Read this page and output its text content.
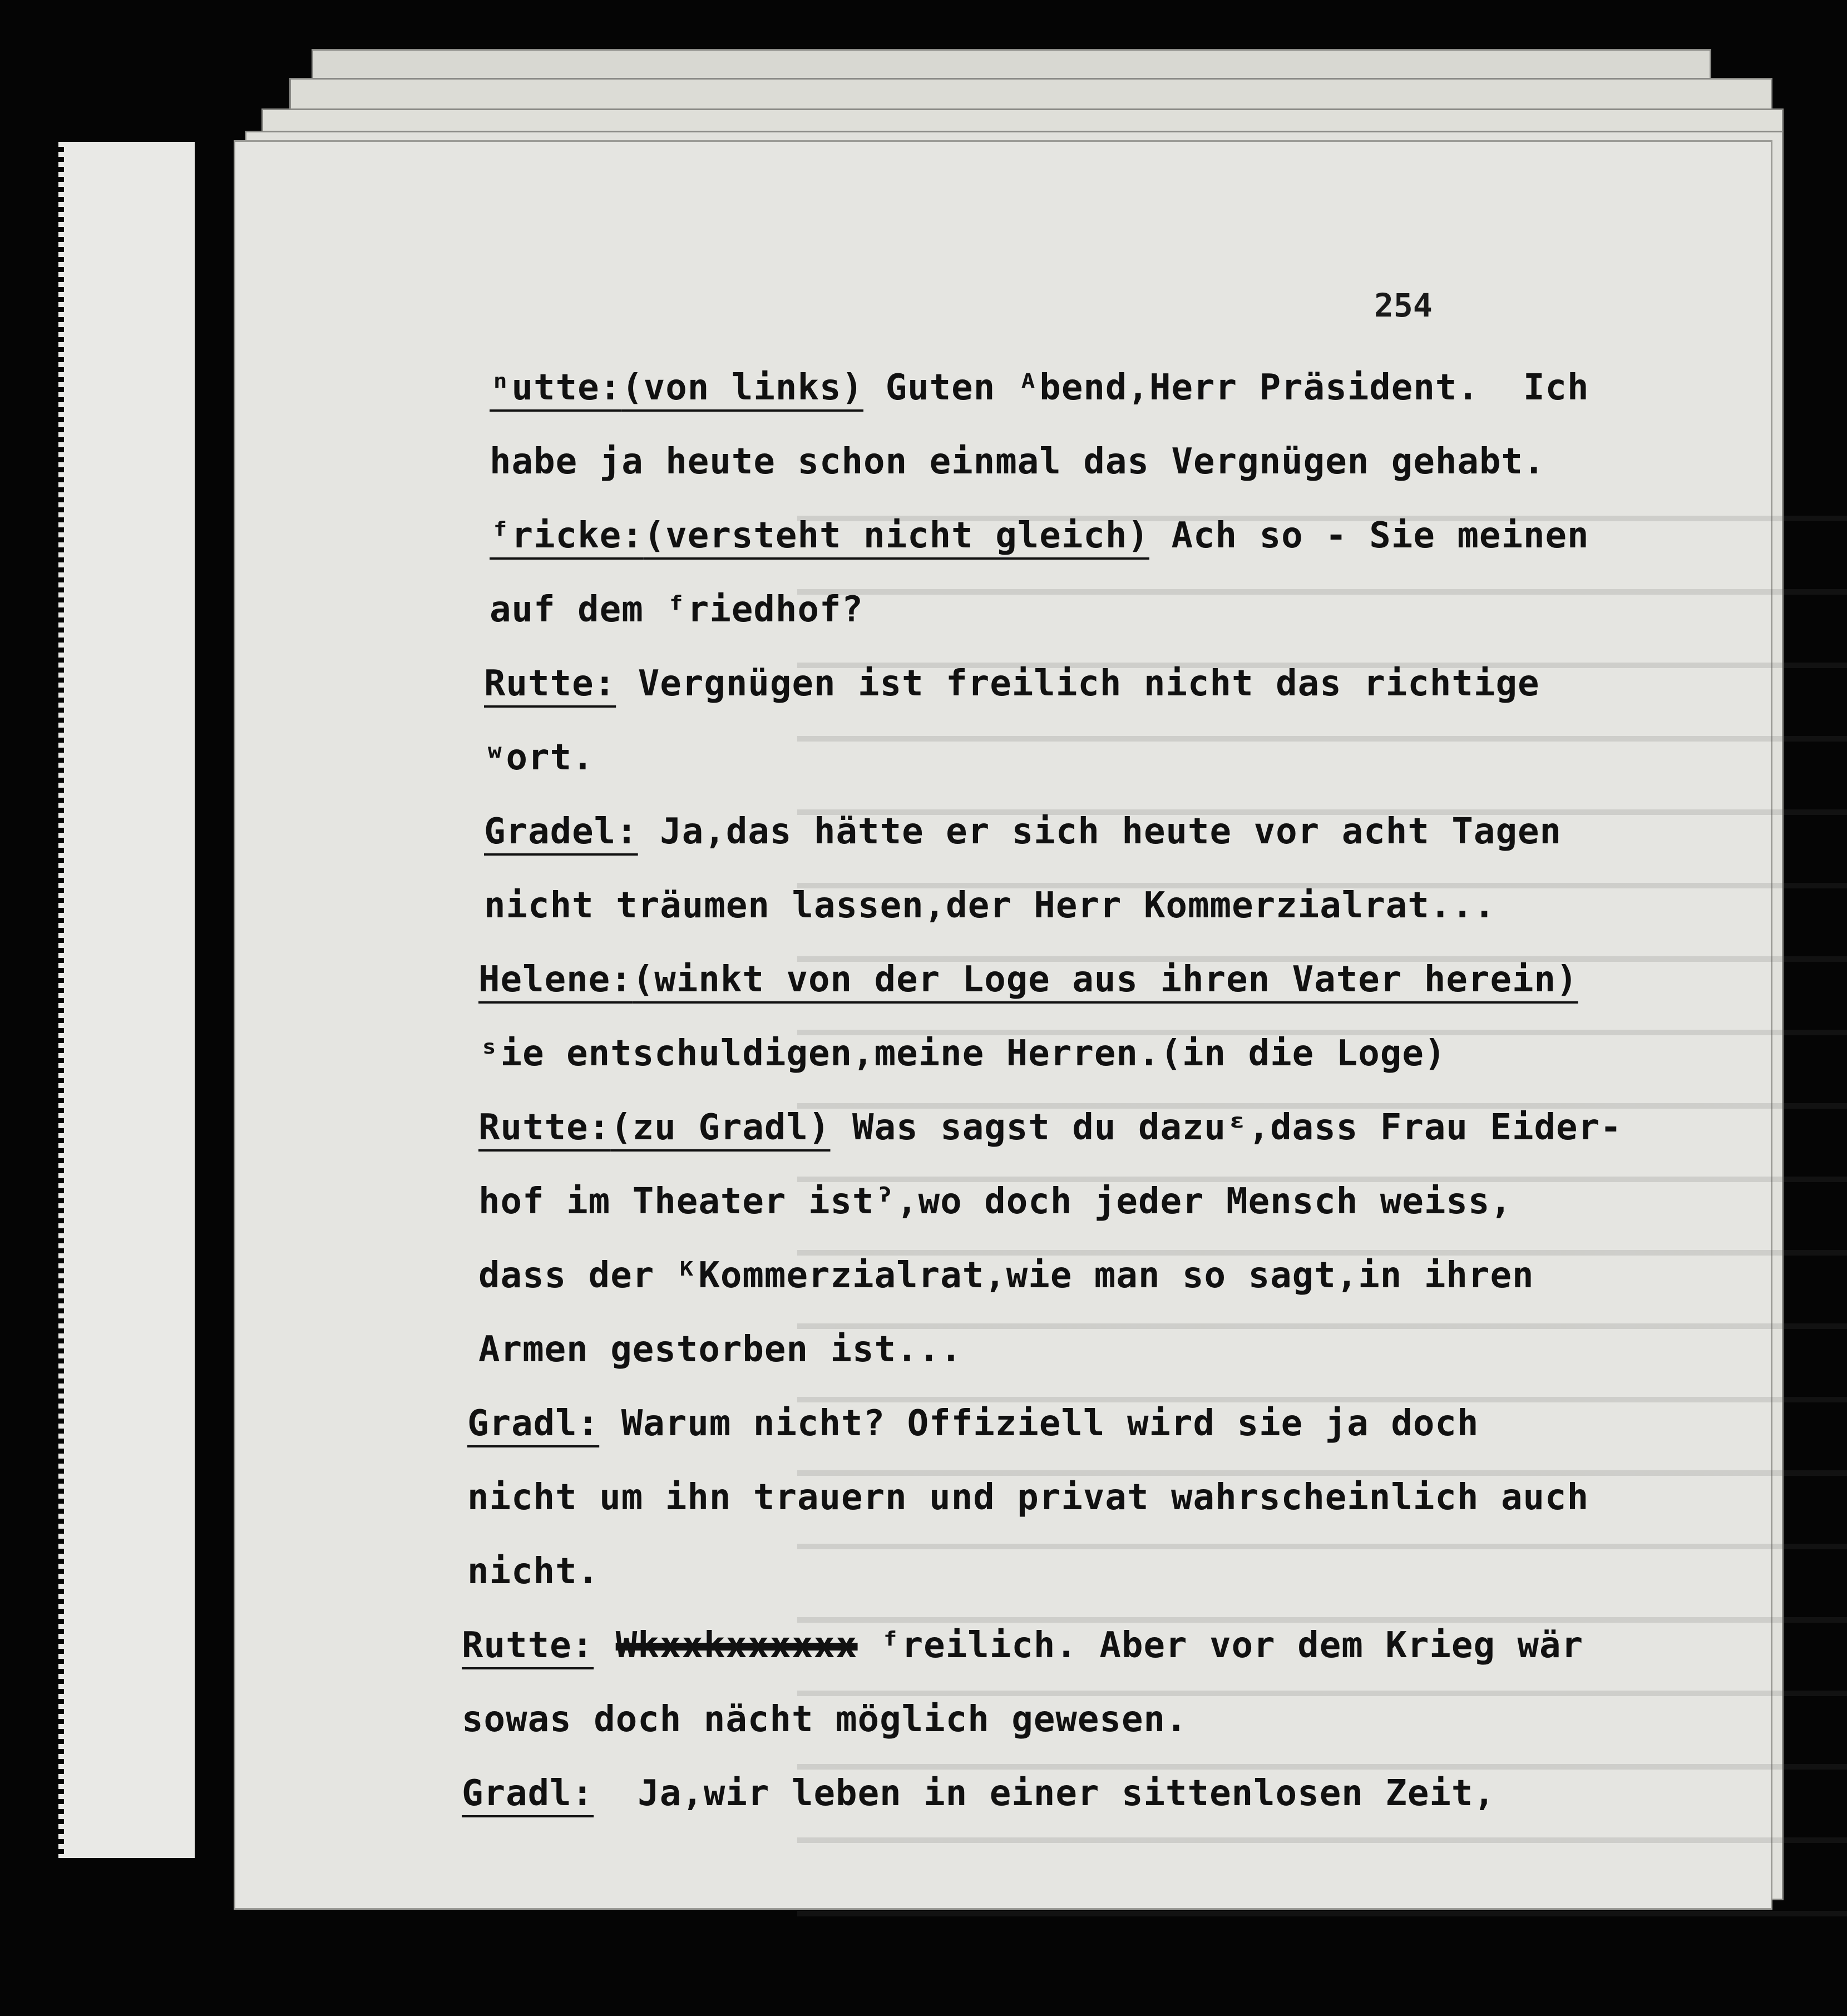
254
ⁿutte:(von links) Guten ᴬbend,Herr Präsident.  Ich
habe ja heute schon einmal das Vergnügen gehabt.
ᶠricke:(versteht nicht gleich) Ach so - Sie meinen
auf dem ᶠriedhof?
Rutte: Vergnügen ist freilich nicht das richtige
ʷort.
Gradel: Ja,das hätte er sich heute vor acht Tagen
nicht träumen lassen,der Herr Kommerzialrat...
Helene:(winkt von der Loge aus ihren Vater herein)
ˢie entschuldigen,meine Herren.(in die Loge)
Rutte:(zu Gradl) Was sagst du dazuᵋ,dass Frau Eider-
hof im Theater istˀ,wo doch jeder Mensch weiss,
dass der ᴷKommerzialrat,wie man so sagt,in ihren
Armen gestorben ist...
Gradl: Warum nicht? Offiziell wird sie ja doch
nicht um ihn trauern und privat wahrscheinlich auch
nicht.
Rutte: Wkxxkxxxxxx ᶠreilich. Aber vor dem Krieg wär
sowas doch nächt möglich gewesen.
Gradl:  Ja,wir leben in einer sittenlosen Zeit,
